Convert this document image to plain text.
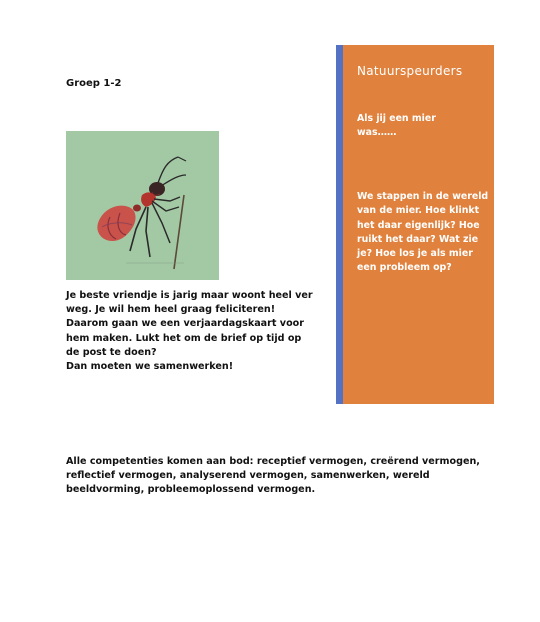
Groep 1-2

Je beste vriendje is jarig maar woont heel ver weg. Je wil hem heel graag feliciteren! Daarom gaan we een verjaardagskaart voor hem maken. Lukt het om de brief op tijd op de post te doen?

Dan moeten we samenwerken!

Natuurspeurders
Als jij een mier
was……
We stappen in de wereld van de mier. Hoe klinkt het daar eigenlijk? Hoe ruikt het daar? Wat zie je? Hoe los je als mier een probleem op?
Alle competenties komen aan bod: receptief vermogen, creërend vermogen, reflectief vermogen, analyserend vermogen, samenwerken, wereld beeldvorming, probleemoplossend vermogen.
